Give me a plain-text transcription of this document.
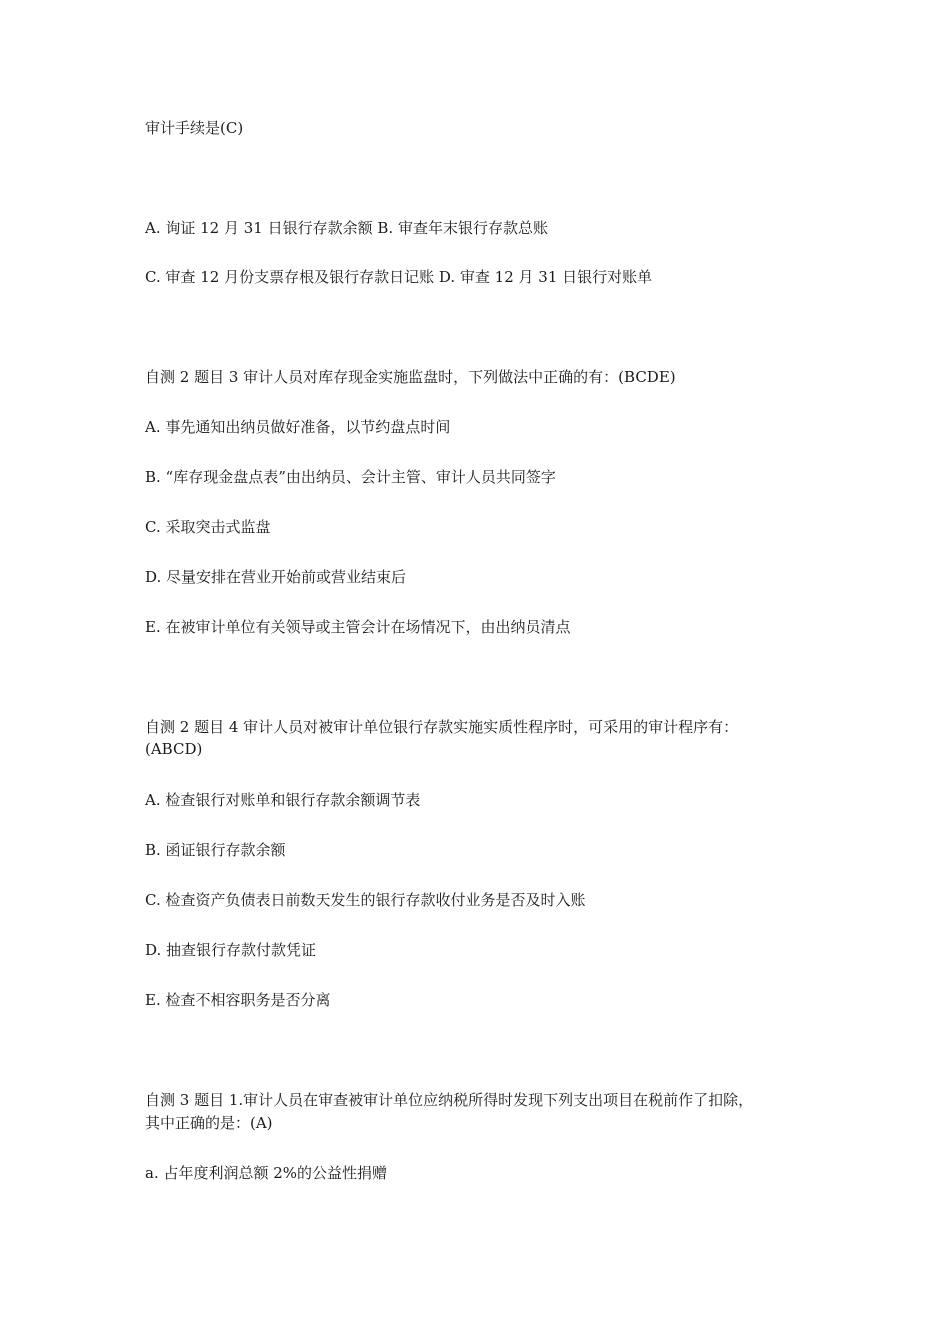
审计手续是(C)
A. 询证 12 月 31 日银行存款余额 B. 审查年末银行存款总账
C. 审查 12 月份支票存根及银行存款日记账 D. 审查 12 月 31 日银行对账单
自测 2 题目 3 审计人员对库存现金实施监盘时，下列做法中正确的有：(BCDE)
A. 事先通知出纳员做好准备，以节约盘点时间
B. “库存现金盘点表”由出纳员、会计主管、审计人员共同签字
C. 采取突击式监盘
D. 尽量安排在营业开始前或营业结束后
E. 在被审计单位有关领导或主管会计在场情况下，由出纳员清点
自测 2 题目 4 审计人员对被审计单位银行存款实施实质性程序时，可采用的审计程序有：
(ABCD)
A. 检查银行对账单和银行存款余额调节表
B. 函证银行存款余额
C. 检查资产负债表日前数天发生的银行存款收付业务是否及时入账
D. 抽查银行存款付款凭证
E. 检查不相容职务是否分离
自测 3 题目 1.审计人员在审查被审计单位应纳税所得时发现下列支出项目在税前作了扣除，
其中正确的是：(A)
a. 占年度利润总额 2%的公益性捐赠
